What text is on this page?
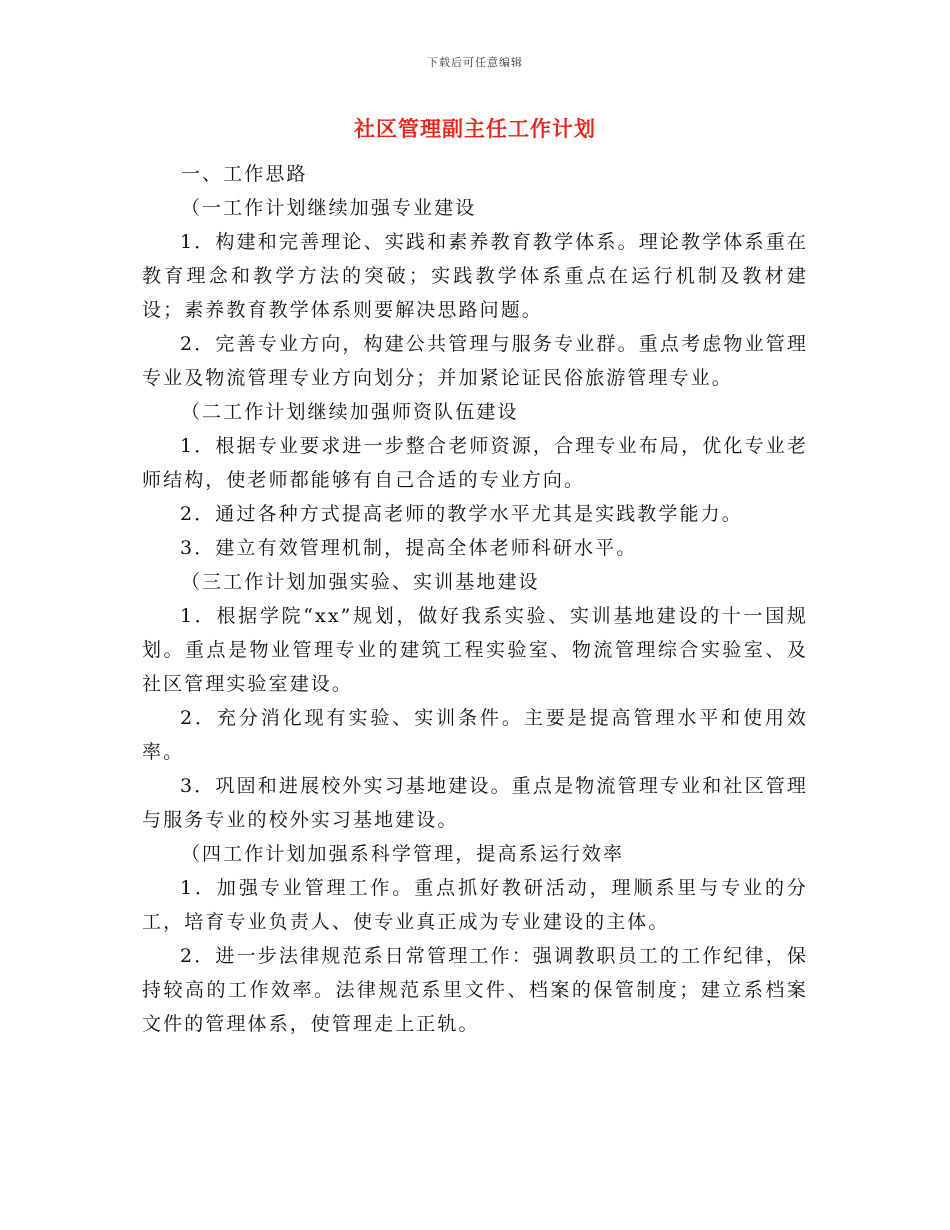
下载后可任意编辑
社区管理副主任工作计划

一、工作思路

（一工作计划继续加强专业建设

1．构建和完善理论、实践和素养教育教学体系。理论教学体系重在教育理念和教学方法的突破；实践教学体系重点在运行机制及教材建设；素养教育教学体系则要解决思路问题。

2．完善专业方向，构建公共管理与服务专业群。重点考虑物业管理专业及物流管理专业方向划分；并加紧论证民俗旅游管理专业。

（二工作计划继续加强师资队伍建设

1．根据专业要求进一步整合老师资源，合理专业布局，优化专业老师结构，使老师都能够有自己合适的专业方向。

2．通过各种方式提高老师的教学水平尤其是实践教学能力。

3．建立有效管理机制，提高全体老师科研水平。

（三工作计划加强实验、实训基地建设

1．根据学院“xx”规划，做好我系实验、实训基地建设的十一国规划。重点是物业管理专业的建筑工程实验室、物流管理综合实验室、及社区管理实验室建设。

2．充分消化现有实验、实训条件。主要是提高管理水平和使用效率。

3．巩固和进展校外实习基地建设。重点是物流管理专业和社区管理与服务专业的校外实习基地建设。

（四工作计划加强系科学管理，提高系运行效率

1．加强专业管理工作。重点抓好教研活动，理顺系里与专业的分工，培育专业负责人、使专业真正成为专业建设的主体。

2．进一步法律规范系日常管理工作：强调教职员工的工作纪律，保持较高的工作效率。法律规范系里文件、档案的保管制度；建立系档案文件的管理体系，使管理走上正轨。
